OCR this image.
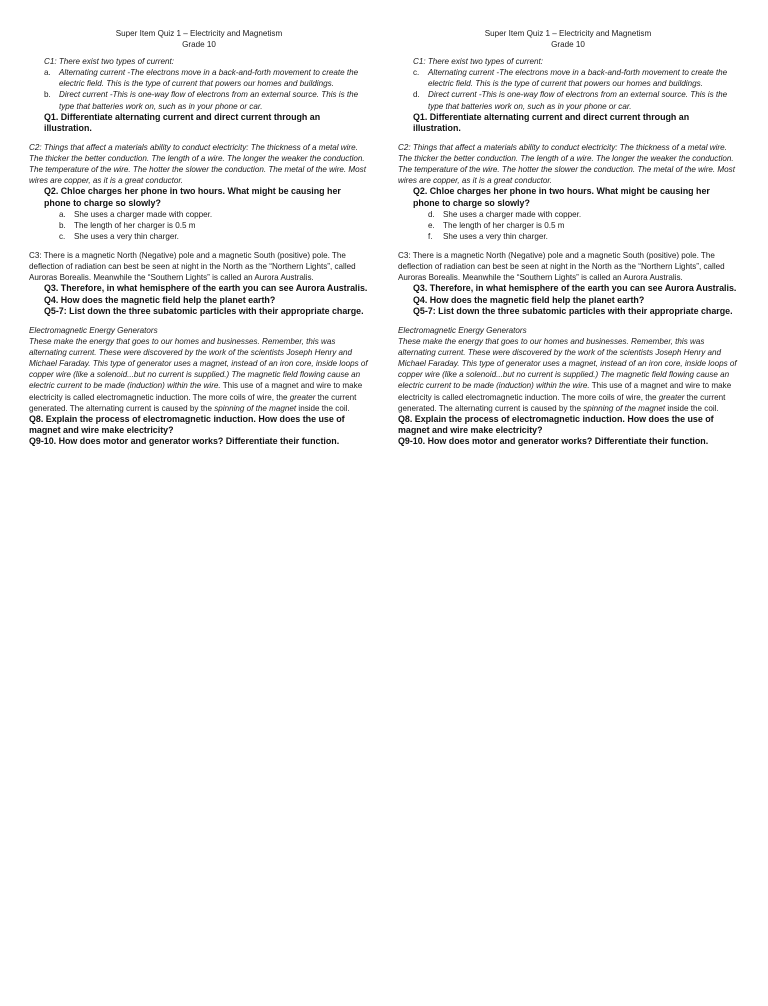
Super Item Quiz 1 – Electricity and Magnetism

Grade 10

C1: There exist two types of current:

a. Alternating current -The electrons move in a back-and-forth movement to create the electric field. This is the type of current that powers our homes and buildings.
b. Direct current -This is one-way flow of electrons from an external source. This is the type that batteries work on, such as in your phone or car.

Q1. Differentiate alternating current and direct current through an illustration.

C2: Things that affect a materials ability to conduct electricity: The thickness of a metal wire. The thicker the better conduction. The length of a wire. The longer the weaker the conduction. The temperature of the wire. The hotter the slower the conduction. The metal of the wire. Most wires are copper, as it is a great conductor.

Q2. Chloe charges her phone in two hours. What might be causing her phone to charge so slowly?

a. She uses a charger made with copper.
b. The length of her charger is 0.5 m
c. She uses a very thin charger.

C3: There is a magnetic North (Negative) pole and a magnetic South (positive) pole. The deflection of radiation can best be seen at night in the North as the “Northern Lights”, called Auroras Borealis. Meanwhile the “Southern Lights” is called an Aurora Australis.

Q3. Therefore, in what hemisphere of the earth you can see Aurora Australis.

Q4. How does the magnetic field help the planet earth?

Q5-7: List down the three subatomic particles with their appropriate charge.

Electromagnetic Energy Generators

These make the energy that goes to our homes and businesses. Remember, this was alternating current. These were discovered by the work of the scientists Joseph Henry and Michael Faraday. This type of generator uses a magnet, instead of an iron core, inside loops of copper wire (like a solenoid...but no current is supplied.) The magnetic field flowing cause an electric current to be made (induction) within the wire. This use of a magnet and wire to make electricity is called electromagnetic induction. The more coils of wire, the greater the current generated. The alternating current is caused by the spinning of the magnet inside the coil.

Q8. Explain the process of electromagnetic induction. How does the use of magnet and wire make electricity?

Q9-10. How does motor and generator works? Differentiate their function.

Super Item Quiz 1 – Electricity and Magnetism

Grade 10

C1: There exist two types of current:

c. Alternating current -The electrons move in a back-and-forth movement to create the electric field. This is the type of current that powers our homes and buildings.
d. Direct current -This is one-way flow of electrons from an external source. This is the type that batteries work on, such as in your phone or car.

Q1. Differentiate alternating current and direct current through an illustration.

C2: Things that affect a materials ability to conduct electricity: The thickness of a metal wire. The thicker the better conduction. The length of a wire. The longer the weaker the conduction. The temperature of the wire. The hotter the slower the conduction. The metal of the wire. Most wires are copper, as it is a great conductor.

Q2. Chloe charges her phone in two hours. What might be causing her phone to charge so slowly?

d. She uses a charger made with copper.
e. The length of her charger is 0.5 m
f. She uses a very thin charger.

C3: There is a magnetic North (Negative) pole and a magnetic South (positive) pole. The deflection of radiation can best be seen at night in the North as the “Northern Lights”, called Auroras Borealis. Meanwhile the “Southern Lights” is called an Aurora Australis.

Q3. Therefore, in what hemisphere of the earth you can see Aurora Australis.

Q4. How does the magnetic field help the planet earth?

Q5-7: List down the three subatomic particles with their appropriate charge.

Electromagnetic Energy Generators

These make the energy that goes to our homes and businesses. Remember, this was alternating current. These were discovered by the work of the scientists Joseph Henry and Michael Faraday. This type of generator uses a magnet, instead of an iron core, inside loops of copper wire (like a solenoid...but no current is supplied.) The magnetic field flowing cause an electric current to be made (induction) within the wire. This use of a magnet and wire to make electricity is called electromagnetic induction. The more coils of wire, the greater the current generated. The alternating current is caused by the spinning of the magnet inside the coil.

Q8. Explain the process of electromagnetic induction. How does the use of magnet and wire make electricity?

Q9-10. How does motor and generator works? Differentiate their function.
